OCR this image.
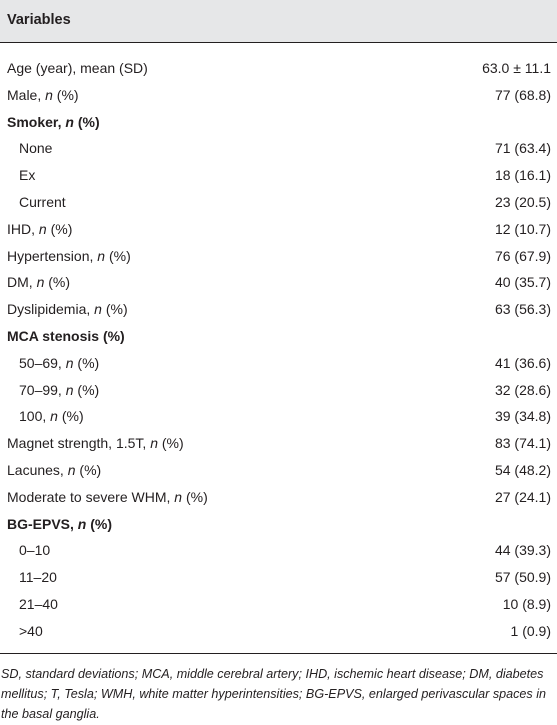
Variables
Age (year), mean (SD)	63.0 ± 11.1
Male, n (%)	77 (68.8)
Smoker, n (%)
None	71 (63.4)
Ex	18 (16.1)
Current	23 (20.5)
IHD, n (%)	12 (10.7)
Hypertension, n (%)	76 (67.9)
DM, n (%)	40 (35.7)
Dyslipidemia, n (%)	63 (56.3)
MCA stenosis (%)
50–69, n (%)	41 (36.6)
70–99, n (%)	32 (28.6)
100, n (%)	39 (34.8)
Magnet strength, 1.5T, n (%)	83 (74.1)
Lacunes, n (%)	54 (48.2)
Moderate to severe WHM, n (%)	27 (24.1)
BG-EPVS, n (%)
0–10	44 (39.3)
11–20	57 (50.9)
21–40	10 (8.9)
>40	1 (0.9)
SD, standard deviations; MCA, middle cerebral artery; IHD, ischemic heart disease; DM, diabetes mellitus; T, Tesla; WMH, white matter hyperintensities; BG-EPVS, enlarged perivascular spaces in the basal ganglia.
